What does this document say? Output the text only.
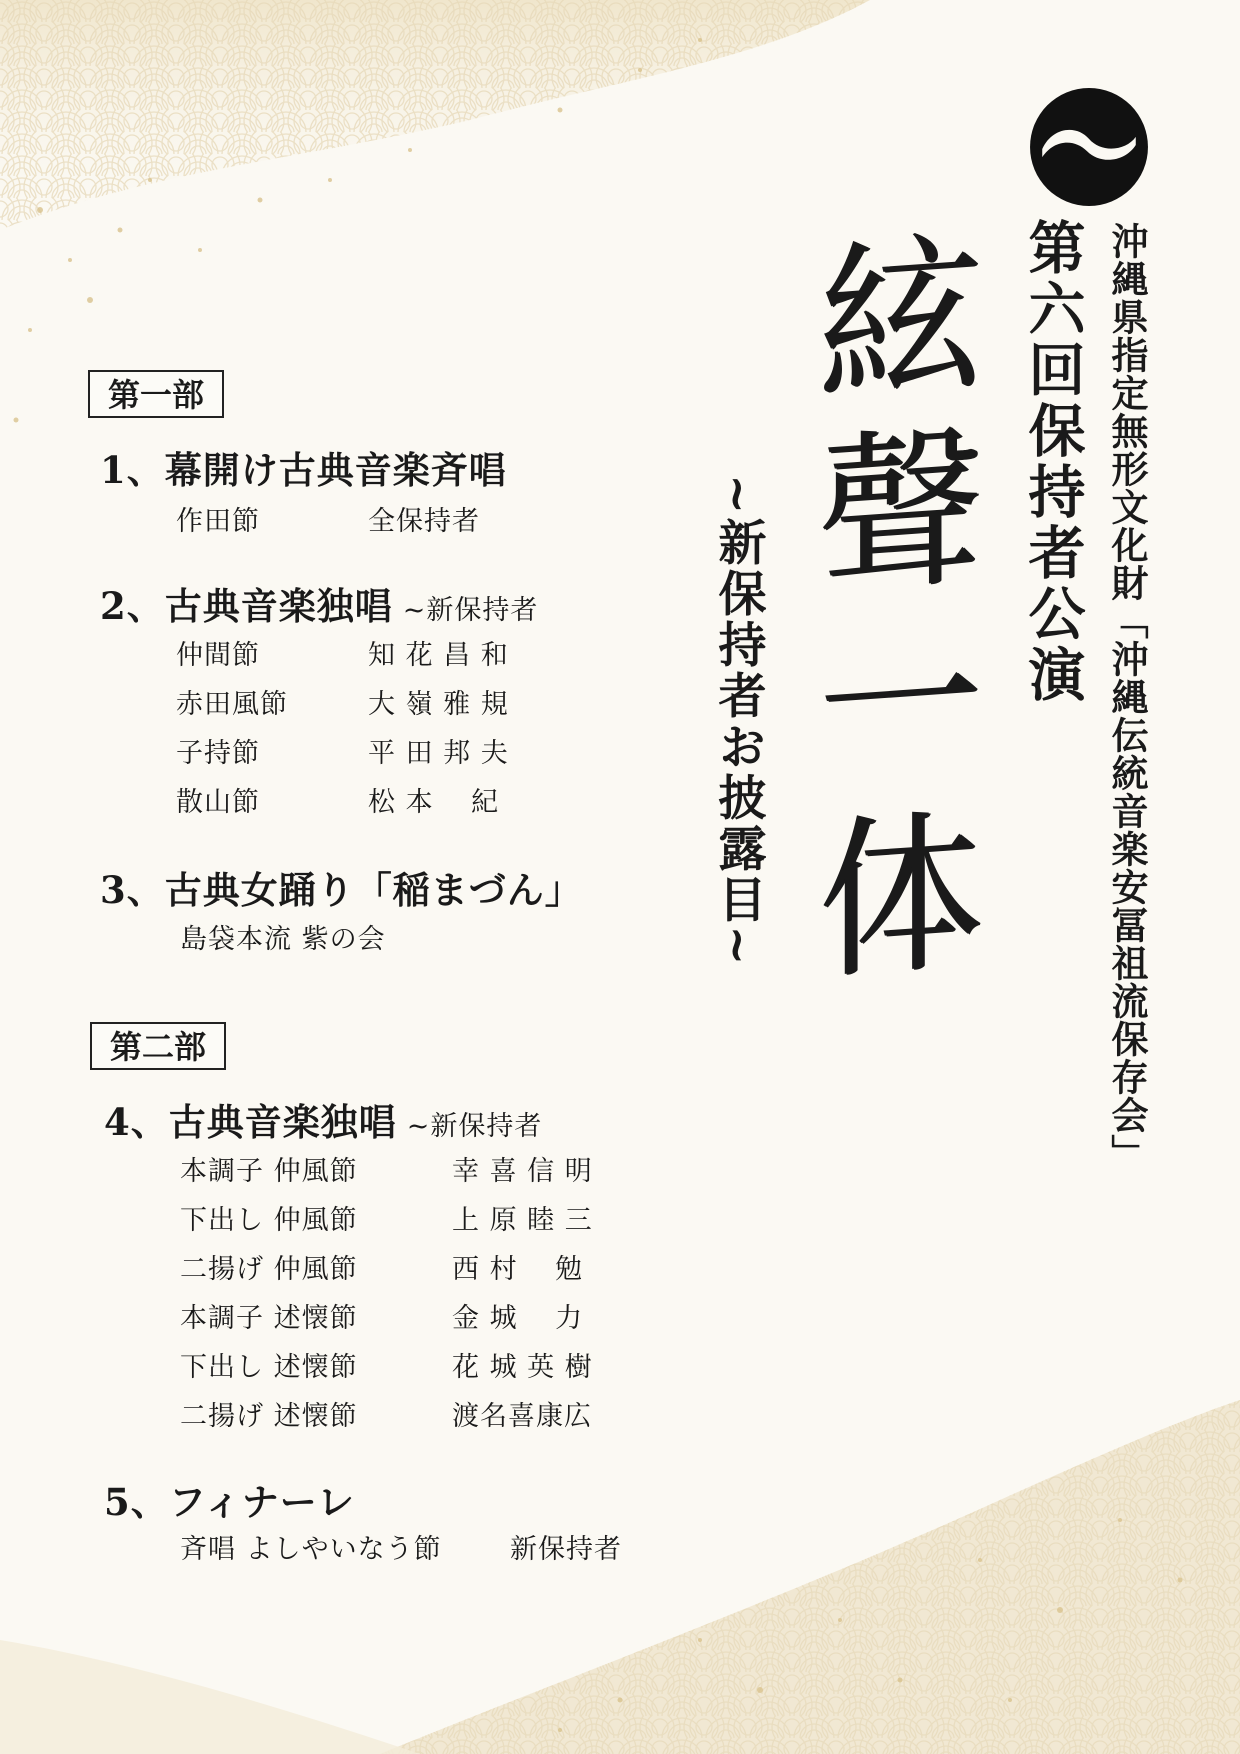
沖縄県指定無形文化財「沖縄伝統音楽安冨祖流保存会」
第六回保持者公演
絃聲一体
~新保持者お披露目~
第一部
1、幕開け古典音楽斉唱
作田節	全保持者
2、古典音楽独唱 ~新保持者
仲間節	知 花 昌 和
赤田風節	大 嶺 雅 規
子持節	平 田 邦 夫
散山節	松 本　 紀
3、古典女踊り「稲まづん」
島袋本流 紫の会
第二部
4、古典音楽独唱 ~新保持者
本調子 仲風節	幸 喜 信 明
下出し 仲風節	上 原 睦 三
二揚げ 仲風節	西 村　 勉
本調子 述懐節	金 城　 力
下出し 述懐節	花 城 英 樹
二揚げ 述懐節	渡名喜康広
5、フィナーレ
斉唱 よしやいなう節	新保持者
